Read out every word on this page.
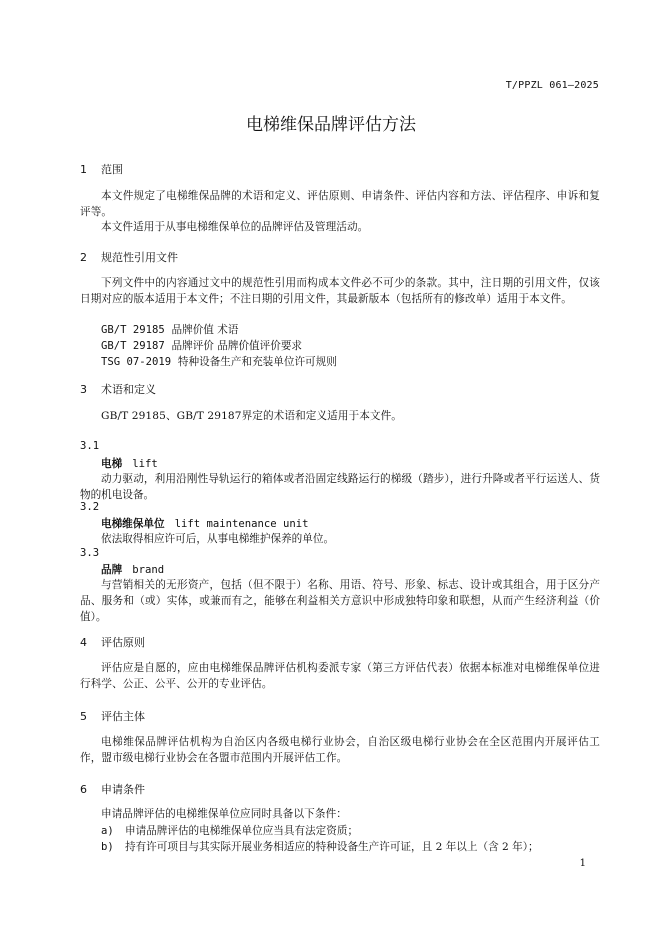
T/PPZL 061—2025
电梯维保品牌评估方法
1 范围
本文件规定了电梯维保品牌的术语和定义、评估原则、申请条件、评估内容和方法、评估程序、申诉和复评等。
本文件适用于从事电梯维保单位的品牌评估及管理活动。
2 规范性引用文件
下列文件中的内容通过文中的规范性引用而构成本文件必不可少的条款。其中，注日期的引用文件，仅该日期对应的版本适用于本文件；不注日期的引用文件，其最新版本（包括所有的修改单）适用于本文件。
GB/T 29185 品牌价值 术语
GB/T 29187 品牌评价 品牌价值评价要求
TSG 07-2019 特种设备生产和充装单位许可规则
3 术语和定义
GB/T 29185、GB/T 29187界定的术语和定义适用于本文件。
3.1
电梯 lift
动力驱动，利用沿刚性导轨运行的箱体或者沿固定线路运行的梯级（踏步），进行升降或者平行运送人、货物的机电设备。
3.2
电梯维保单位 lift maintenance unit
依法取得相应许可后，从事电梯维护保养的单位。
3.3
品牌 brand
与营销相关的无形资产，包括（但不限于）名称、用语、符号、形象、标志、设计或其组合，用于区分产品、服务和（或）实体，或兼而有之，能够在利益相关方意识中形成独特印象和联想，从而产生经济利益（价值）。
4 评估原则
评估应是自愿的，应由电梯维保品牌评估机构委派专家（第三方评估代表）依据本标准对电梯维保单位进行科学、公正、公平、公开的专业评估。
5 评估主体
电梯维保品牌评估机构为自治区内各级电梯行业协会，自治区级电梯行业协会在全区范围内开展评估工作，盟市级电梯行业协会在各盟市范围内开展评估工作。
6 申请条件
申请品牌评估的电梯维保单位应同时具备以下条件：
a) 申请品牌评估的电梯维保单位应当具有法定资质；
b) 持有许可项目与其实际开展业务相适应的特种设备生产许可证，且 2 年以上（含 2 年）；
1
